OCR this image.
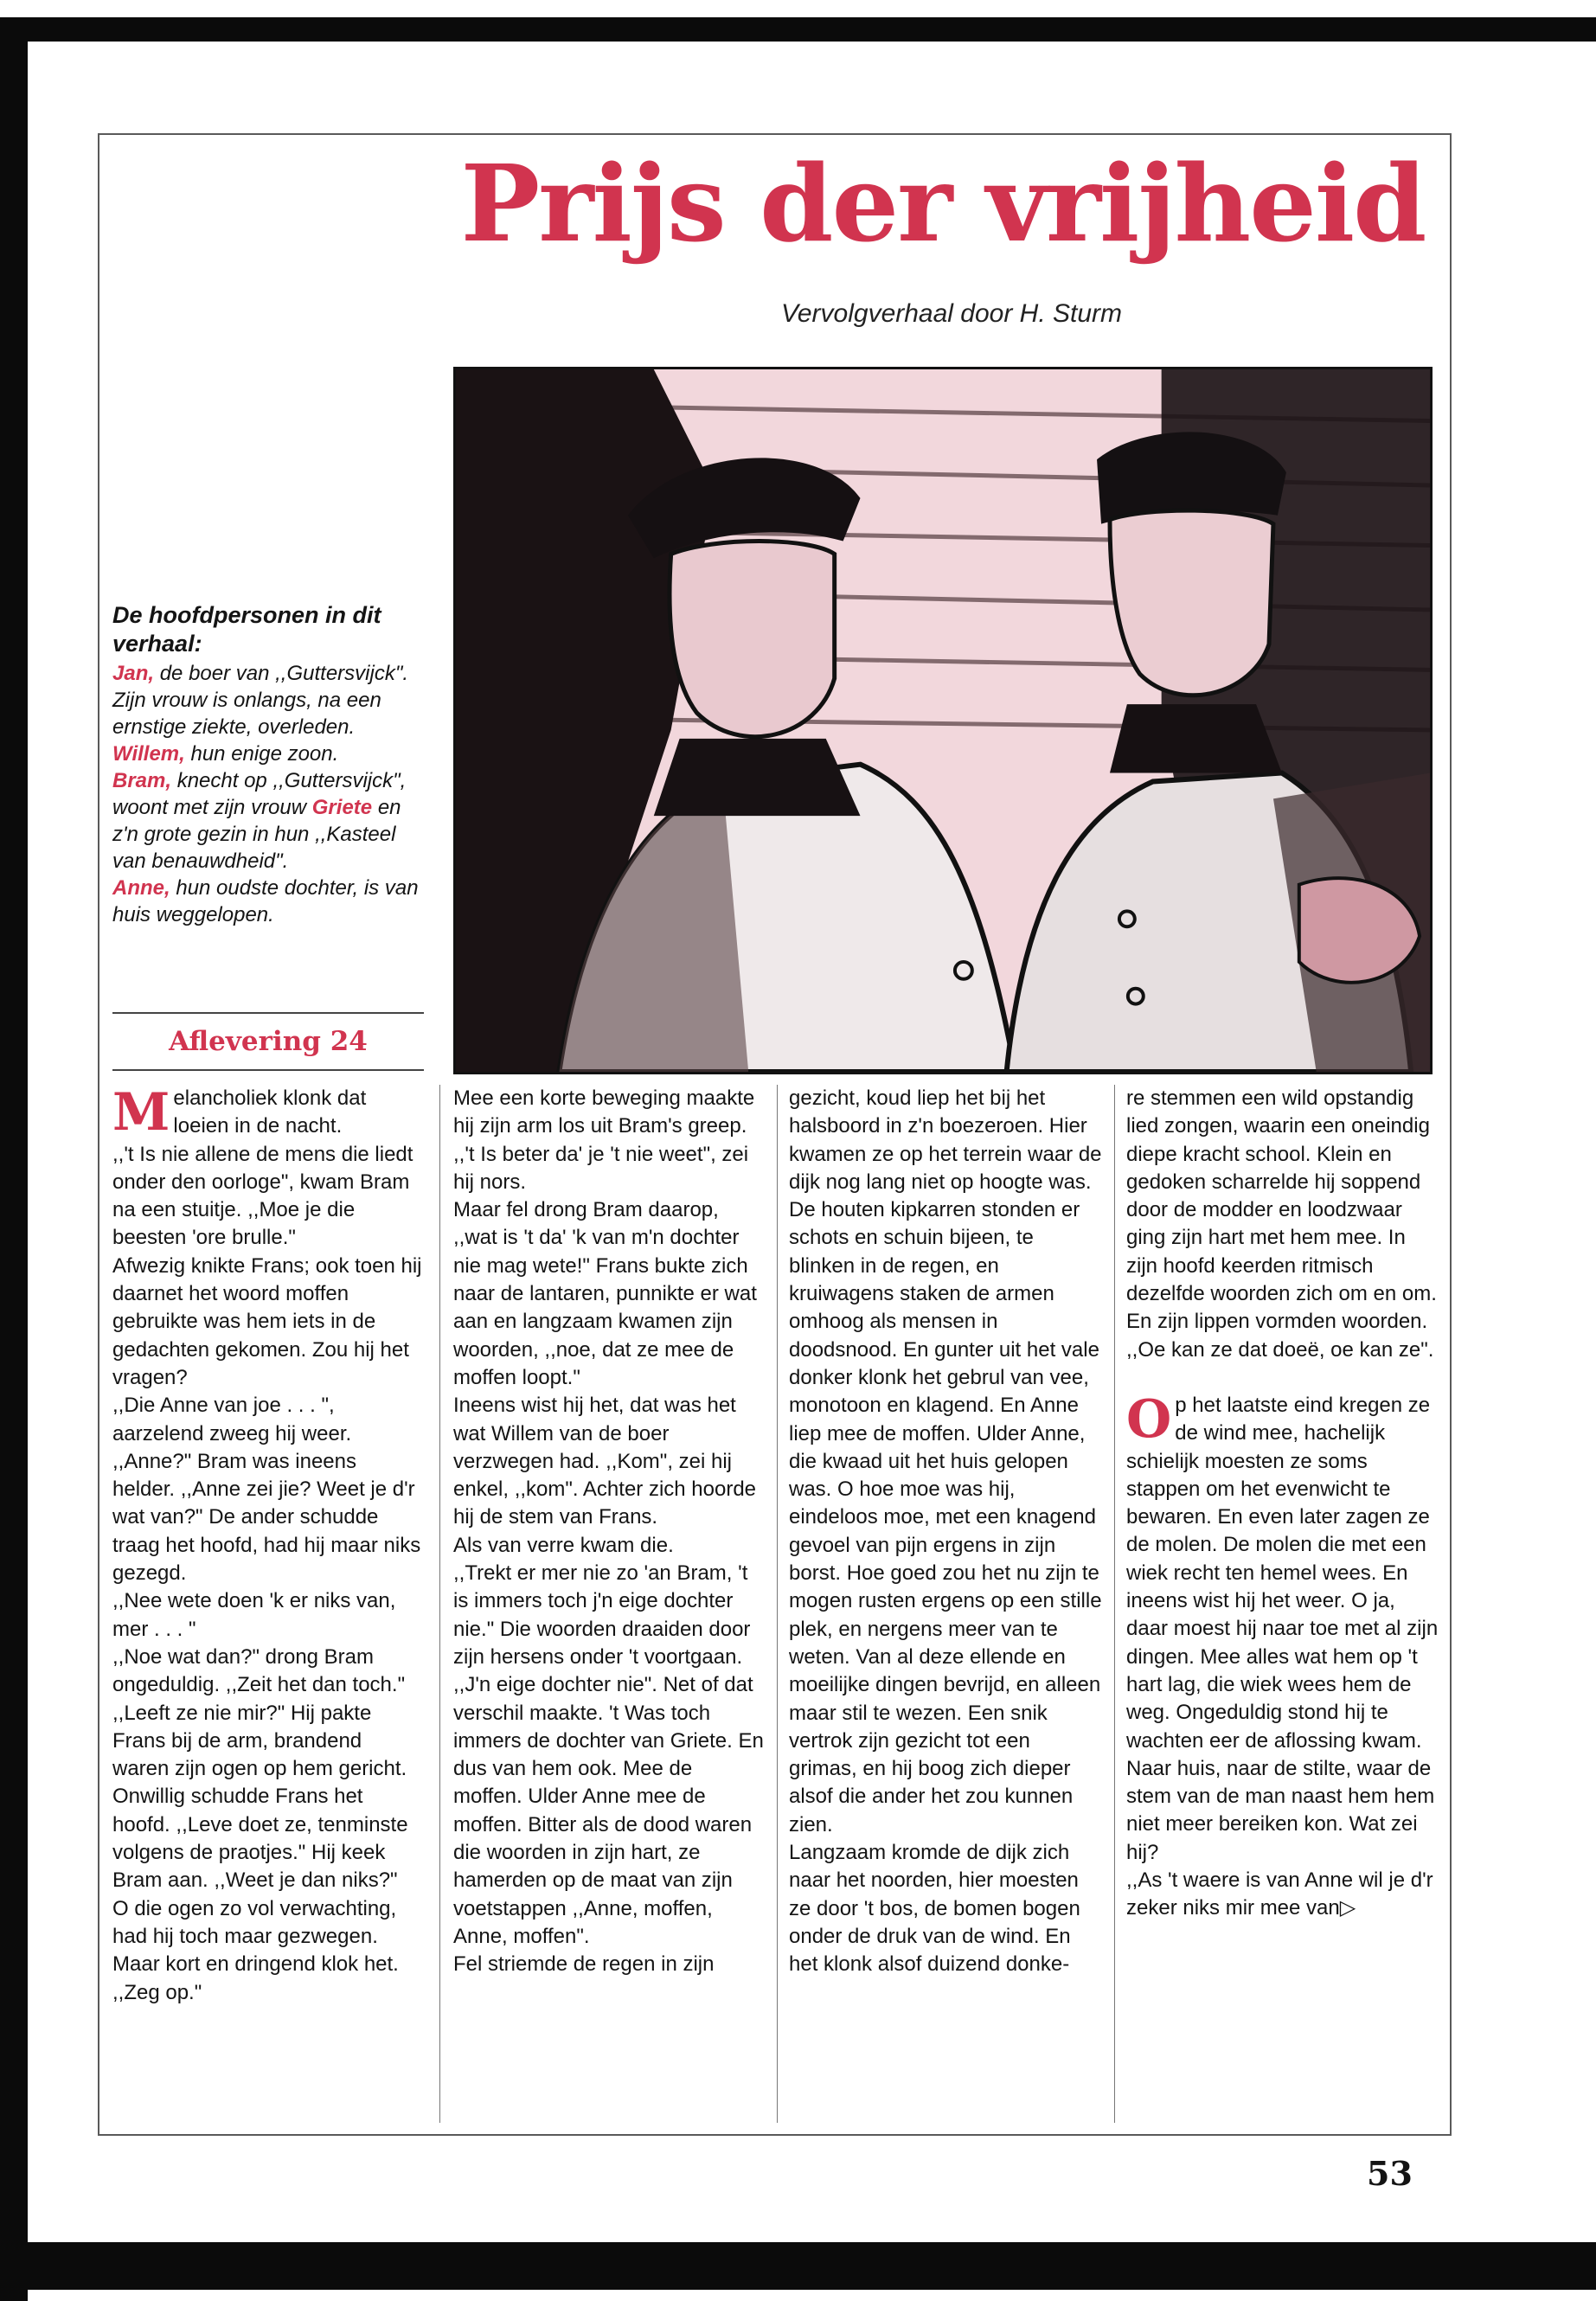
Prijs der vrijheid
Vervolgverhaal door H. Sturm
De hoofdpersonen in dit verhaal:

Jan, de boer van ,,Guttersvijck". Zijn vrouw is onlangs, na een ernstige ziekte, overleden.

Willem, hun enige zoon.

Bram, knecht op ,,Guttersvijck", woont met zijn vrouw Griete en z'n grote gezin in hun ,,Kasteel van benauwdheid".

Anne, hun oudste dochter, is van huis weggelopen.

Aflevering 24

Melancholiek klonk dat loeien in de nacht.

,,'t Is nie allene de mens die liedt onder den oorloge", kwam Bram na een stuitje. ,,Moe je die beesten 'ore brulle."

Afwezig knikte Frans; ook toen hij daarnet het woord moffen gebruikte was hem iets in de gedachten gekomen. Zou hij het vragen?

,,Die Anne van joe . . . ", aarzelend zweeg hij weer.

,,Anne?" Bram was ineens helder. ,,Anne zei jie? Weet je d'r wat van?" De ander schudde traag het hoofd, had hij maar niks gezegd.

,,Nee wete doen 'k er niks van, mer . . . "

,,Noe wat dan?" drong Bram ongeduldig. ,,Zeit het dan toch." ,,Leeft ze nie mir?" Hij pakte Frans bij de arm, brandend waren zijn ogen op hem gericht.

Onwillig schudde Frans het hoofd. ,,Leve doet ze, tenminste volgens de praotjes." Hij keek Bram aan. ,,Weet je dan niks?"

O die ogen zo vol verwachting, had hij toch maar gezwegen. Maar kort en dringend klok het. ,,Zeg op."

Mee een korte beweging maakte hij zijn arm los uit Bram's greep. ,,'t Is beter da' je 't nie weet", zei hij nors.

Maar fel drong Bram daarop, ,,wat is 't da' 'k van m'n dochter nie mag wete!" Frans bukte zich naar de lantaren, punnikte er wat aan en langzaam kwamen zijn woorden, ,,noe, dat ze mee de moffen loopt."

Ineens wist hij het, dat was het wat Willem van de boer verzwegen had. ,,Kom", zei hij enkel, ,,kom". Achter zich hoorde hij de stem van Frans.

Als van verre kwam die.

,,Trekt er mer nie zo 'an Bram, 't is immers toch j'n eige dochter nie." Die woorden draaiden door zijn hersens onder 't voortgaan. ,,J'n eige dochter nie". Net of dat verschil maakte. 't Was toch immers de dochter van Griete. En dus van hem ook. Mee de moffen. Ulder Anne mee de moffen. Bitter als de dood waren die woorden in zijn hart, ze hamerden op de maat van zijn voetstappen ,,Anne, moffen, Anne, moffen".

Fel striemde de regen in zijn

gezicht, koud liep het bij het halsboord in z'n boezeroen. Hier kwamen ze op het terrein waar de dijk nog lang niet op hoogte was. De houten kipkarren stonden er schots en schuin bijeen, te blinken in de regen, en kruiwagens staken de armen omhoog als mensen in doodsnood. En gunter uit het vale donker klonk het gebrul van vee, monotoon en klagend. En Anne liep mee de moffen. Ulder Anne, die kwaad uit het huis gelopen was. O hoe moe was hij, eindeloos moe, met een knagend gevoel van pijn ergens in zijn borst. Hoe goed zou het nu zijn te mogen rusten ergens op een stille plek, en nergens meer van te weten. Van al deze ellende en moeilijke dingen bevrijd, en alleen maar stil te wezen. Een snik vertrok zijn gezicht tot een grimas, en hij boog zich dieper alsof die ander het zou kunnen zien.

Langzaam kromde de dijk zich naar het noorden, hier moesten ze door 't bos, de bomen bogen onder de druk van de wind. En het klonk alsof duizend donke-

re stemmen een wild opstandig lied zongen, waarin een oneindig diepe kracht school. Klein en gedoken scharrelde hij soppend door de modder en loodzwaar ging zijn hart met hem mee. In zijn hoofd keerden ritmisch dezelfde woorden zich om en om. En zijn lippen vormden woorden. ,,Oe kan ze dat doeë, oe kan ze".

Op het laatste eind kregen ze de wind mee, hachelijk schielijk moesten ze soms stappen om het evenwicht te bewaren. En even later zagen ze de molen. De molen die met een wiek recht ten hemel wees. En ineens wist hij het weer. O ja, daar moest hij naar toe met al zijn dingen. Mee alles wat hem op 't hart lag, die wiek wees hem de weg. Ongeduldig stond hij te wachten eer de aflossing kwam. Naar huis, naar de stilte, waar de stem van de man naast hem hem niet meer bereiken kon. Wat zei hij?

,,As 't waere is van Anne wil je d'r zeker niks mir mee van▷

53
